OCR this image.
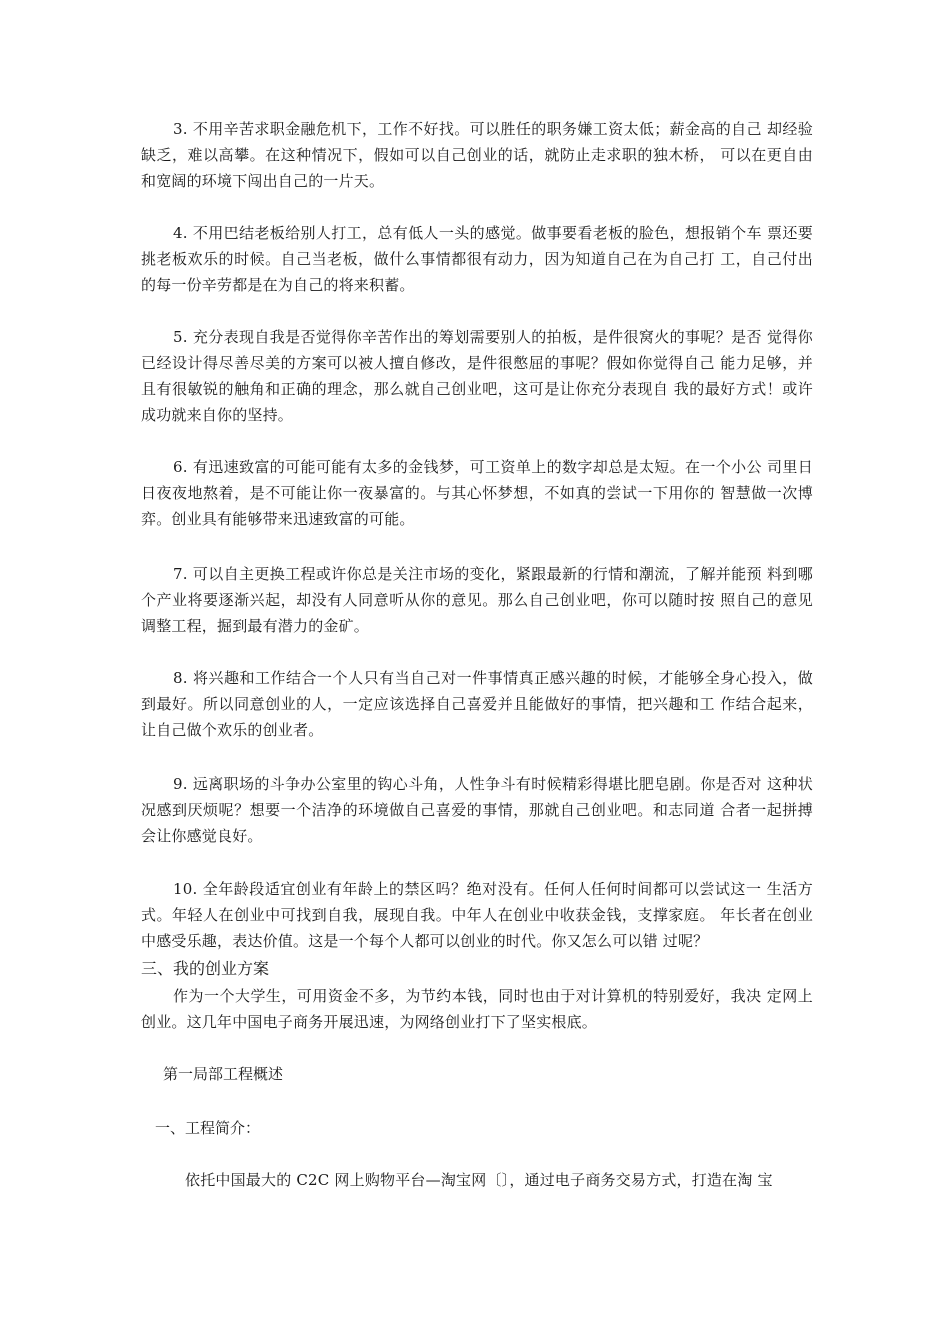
3. 不用辛苦求职金融危机下，工作不好找。可以胜任的职务嫌工资太低；薪金高的自己 却经验缺乏，难以高攀。在这种情况下，假如可以自己创业的话，就防止走求职的独木桥， 可以在更自由和宽阔的环境下闯出自己的一片天。

4. 不用巴结老板给别人打工，总有低人一头的感觉。做事要看老板的脸色，想报销个车 票还要挑老板欢乐的时候。自己当老板，做什么事情都很有动力，因为知道自己在为自己打 工，自己付出的每一份辛劳都是在为自己的将来积蓄。

5. 充分表现自我是否觉得你辛苦作出的筹划需要别人的拍板，是件很窝火的事呢？是否 觉得你已经设计得尽善尽美的方案可以被人擅自修改，是件很憋屈的事呢？假如你觉得自己 能力足够，并且有很敏锐的触角和正确的理念，那么就自己创业吧，这可是让你充分表现自 我的最好方式！或许成功就来自你的坚持。

6. 有迅速致富的可能可能有太多的金钱梦，可工资单上的数字却总是太短。在一个小公 司里日日夜夜地熬着，是不可能让你一夜暴富的。与其心怀梦想，不如真的尝试一下用你的 智慧做一次博弈。创业具有能够带来迅速致富的可能。

7. 可以自主更换工程或许你总是关注市场的变化，紧跟最新的行情和潮流，了解并能预 料到哪个产业将要逐渐兴起，却没有人同意听从你的意见。那么自己创业吧，你可以随时按 照自己的意见调整工程，掘到最有潜力的金矿。

8. 将兴趣和工作结合一个人只有当自己对一件事情真正感兴趣的时候，才能够全身心投入，做到最好。所以同意创业的人，一定应该选择自己喜爱并且能做好的事情，把兴趣和工 作结合起来，让自己做个欢乐的创业者。

9. 远离职场的斗争办公室里的钩心斗角，人性争斗有时候精彩得堪比肥皂剧。你是否对 这种状况感到厌烦呢？想要一个洁净的环境做自己喜爱的事情，那就自己创业吧。和志同道 合者一起拼搏会让你感觉良好。

10. 全年龄段适宜创业有年龄上的禁区吗？绝对没有。任何人任何时间都可以尝试这一 生活方式。年轻人在创业中可找到自我，展现自我。中年人在创业中收获金钱，支撑家庭。 年长者在创业中感受乐趣，表达价值。这是一个每个人都可以创业的时代。你又怎么可以错 过呢？

三、我的创业方案

作为一个大学生，可用资金不多，为节约本钱，同时也由于对计算机的特别爱好，我决 定网上创业。这几年中国电子商务开展迅速，为网络创业打下了坚实根底。

第一局部工程概述

一、工程简介：

依托中国最大的 C2C 网上购物平台—淘宝网〔〕，通过电子商务交易方式，打造在淘 宝
